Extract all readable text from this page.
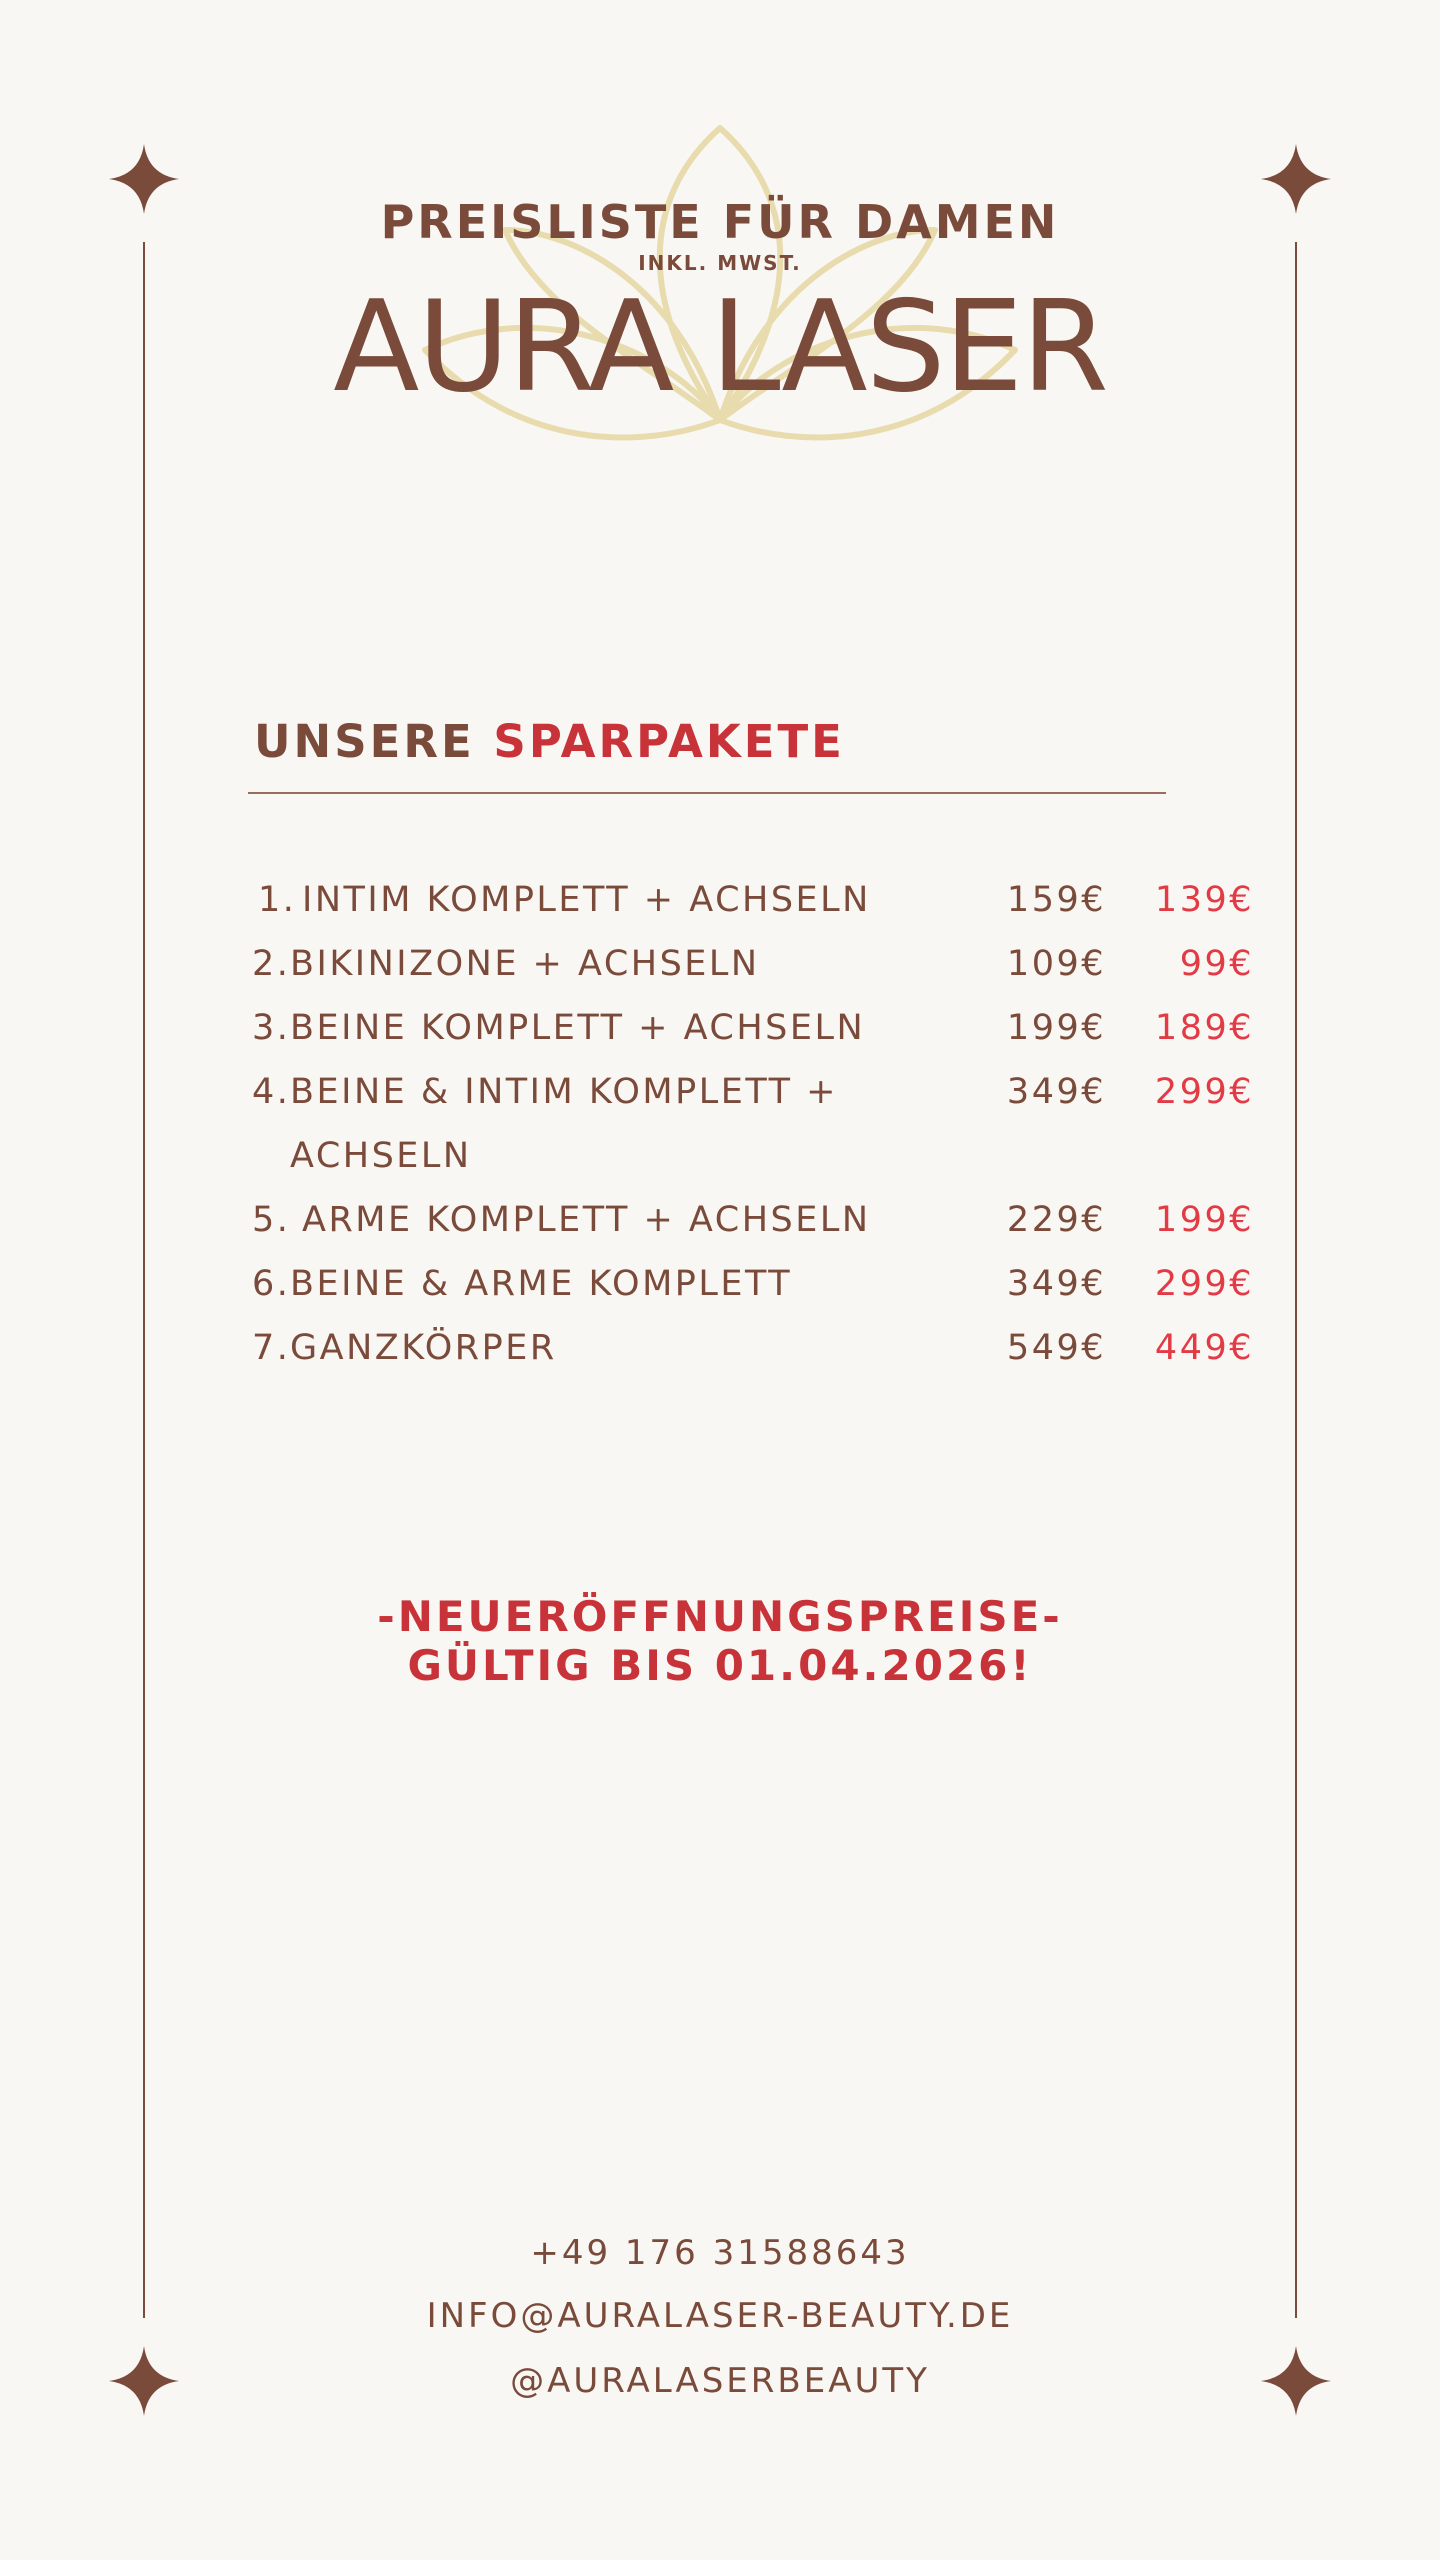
PREISLISTE FÜR DAMEN
INKL. MWST.
AURA LASER
UNSERE SPARPAKETE
1. INTIM KOMPLETT + ACHSELN	159€	139€
2. BIKINIZONE + ACHSELN	109€	99€
3. BEINE KOMPLETT + ACHSELN	199€	189€
4. BEINE & INTIM KOMPLETT +
ACHSELN
349€	299€
5. ARME KOMPLETT + ACHSELN	229€	199€
6. BEINE & ARME KOMPLETT	349€	299€
7. GANZKÖRPER	549€	449€

-NEUERÖFFNUNGSPREISE-

GÜLTIG BIS 01.04.2026!

+49 176 31588643
INFO@AURALASER-BEAUTY.DE
@AURALASERBEAUTY
